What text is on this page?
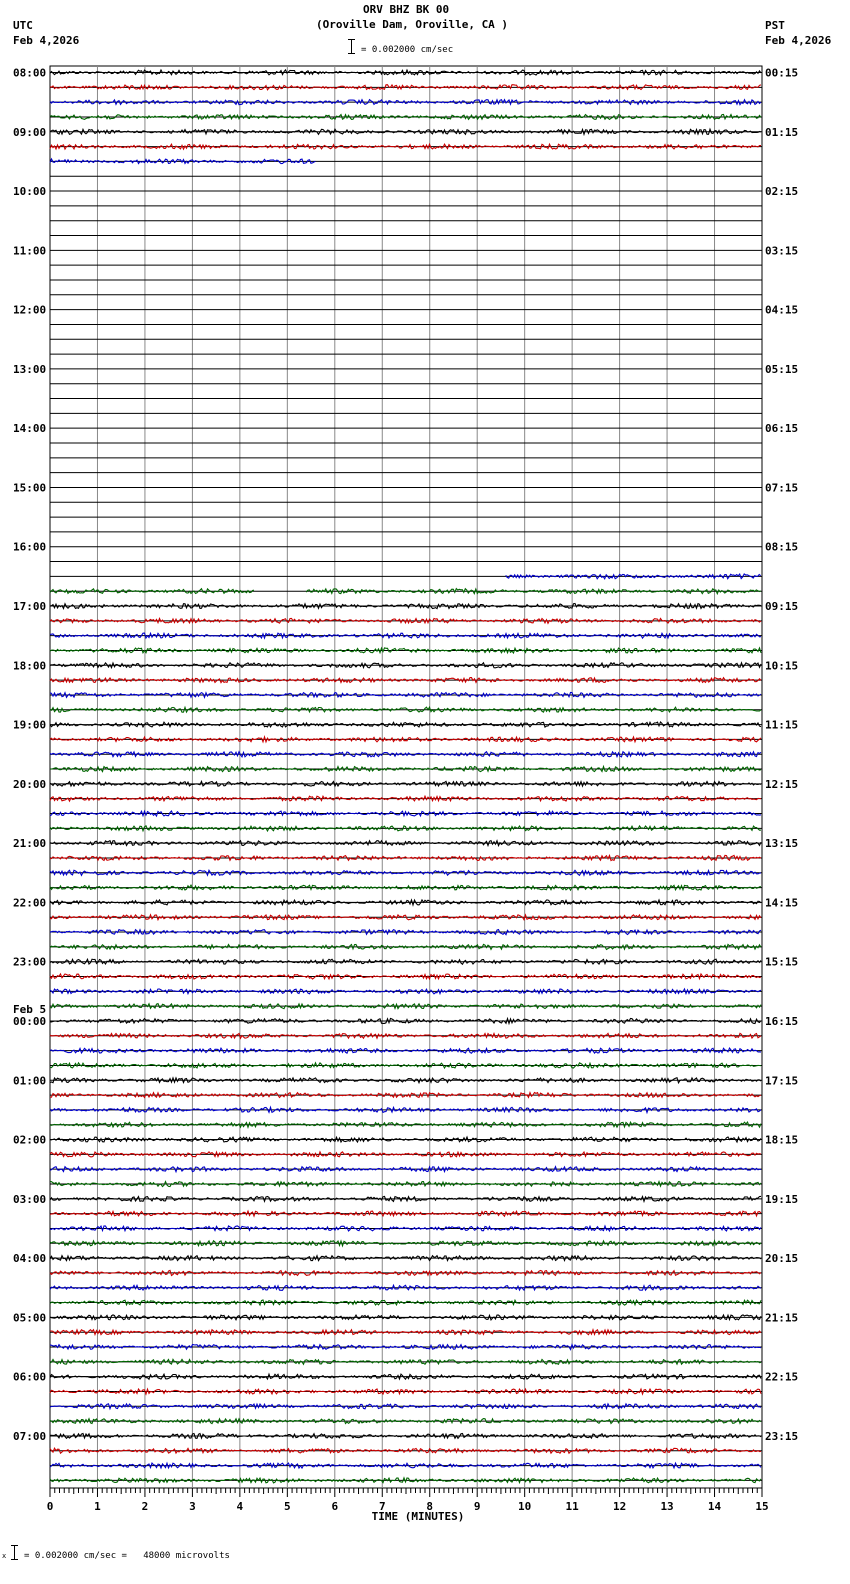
ORV BHZ BK 00
(Oroville Dam, Oroville, CA )
UTC
Feb 4,2026
PST
Feb 4,2026
= 0.002000 cm/sec
08:00
09:00
10:00
11:00
12:00
13:00
14:00
15:00
16:00
17:00
18:00
19:00
20:00
21:00
22:00
23:00
00:00
Feb 5
01:00
02:00
03:00
04:00
05:00
06:00
07:00
00:15
01:15
02:15
03:15
04:15
05:15
06:15
07:15
08:15
09:15
10:15
11:15
12:15
13:15
14:15
15:15
16:15
17:15
18:15
19:15
20:15
21:15
22:15
23:15
0	1	2	3	4	5	6	7	8	9	10	11	12	13	14	15
TIME (MINUTES)
x = 0.002000 cm/sec =   48000 microvolts
